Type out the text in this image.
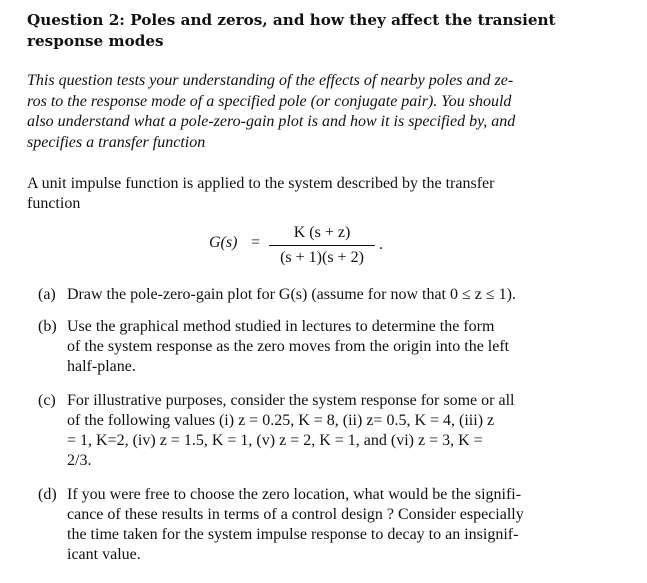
Question 2: Poles and zeros, and how they affect the transient
response modes
This question tests your understanding of the effects of nearby poles and ze-
ros to the response mode of a specified pole (or conjugate pair). You should
also understand what a pole-zero-gain plot is and how it is specified by, and
specifies a transfer function
A unit impulse function is applied to the system described by the transfer
function
G(s) =
K (s + z)
(s + 1)(s + 2)
.
(a) Draw the pole-zero-gain plot for G(s) (assume for now that 0 ≤ z ≤ 1).
(b) Use the graphical method studied in lectures to determine the form
of the system response as the zero moves from the origin into the left
half-plane.
(c) For illustrative purposes, consider the system response for some or all
of the following values (i) z = 0.25, K = 8, (ii) z= 0.5, K = 4, (iii) z
= 1, K=2, (iv) z = 1.5, K = 1, (v) z = 2, K = 1, and (vi) z = 3, K =
2/3.
(d) If you were free to choose the zero location, what would be the signifi-
cance of these results in terms of a control design ? Consider especially
the time taken for the system impulse response to decay to an insignif-
icant value.
